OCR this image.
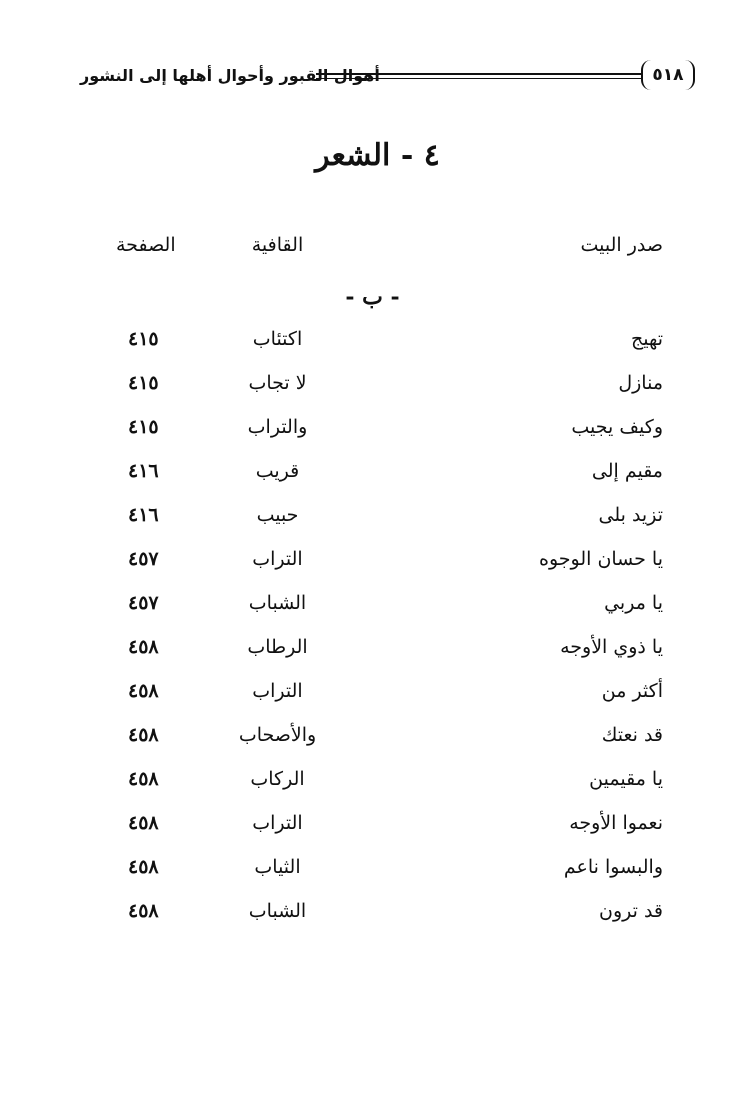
أهوال القبور وأحوال أهلها إلى النشور	٥١٨
٤ - الشعر
صدر البيت
القافية
الصفحة
- ب -
تهيج
اكتئاب
٤١٥
منازل
لا تجاب
٤١٥
وكيف يجيب
والتراب
٤١٥
مقيم إلى
قريب
٤١٦
تزيد بلى
حبيب
٤١٦
يا حسان الوجوه
التراب
٤٥٧
يا مربي
الشباب
٤٥٧
يا ذوي الأوجه
الرطاب
٤٥٨
أكثر من
التراب
٤٥٨
قد نعتك
والأصحاب
٤٥٨
يا مقيمين
الركاب
٤٥٨
نعموا الأوجه
التراب
٤٥٨
والبسوا ناعم
الثياب
٤٥٨
قد ترون
الشباب
٤٥٨
